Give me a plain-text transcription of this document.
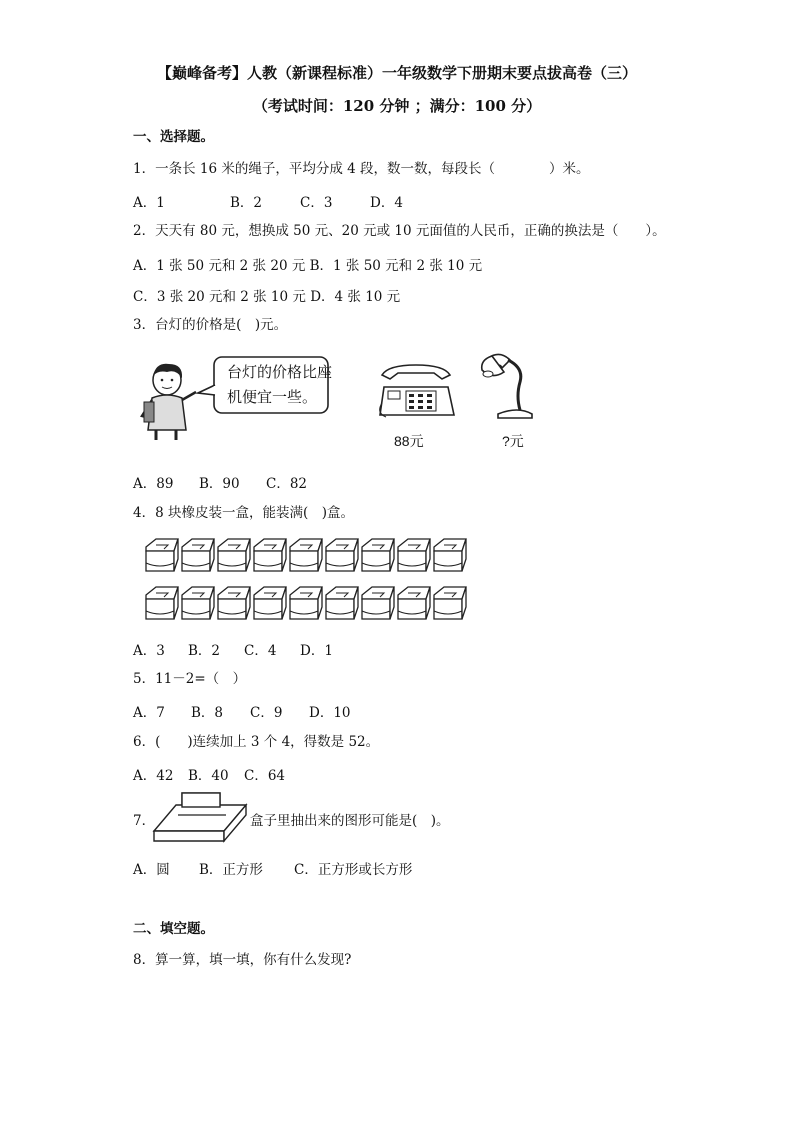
【巅峰备考】人教（新课程标准）一年级数学下册期末要点拔高卷（三）
（考试时间：120 分钟 ；满分：100 分）
一、选择题。
1．一条长 16 米的绳子，平均分成 4 段，数一数，每段长（　　　　）米。
A．1	B．2	C．3	D．4
2．天天有 80 元，想换成 50 元、20 元或 10 元面值的人民币，正确的换法是（　　）。
A．1 张 50 元和 2 张 20 元 B．1 张 50 元和 2 张 10 元
C．3 张 20 元和 2 张 10 元 D．4 张 10 元
3．台灯的价格是(　)元。
台灯的价格比座
机便宜一些。
88元	?元
A．89 B．90 C．82
4．8 块橡皮装一盒，能装满(　)盒。
A．3 B．2 C．4 D．1
5．11－2=（　）
A．7 B．8 C．9 D．10
6．(　　)连续加上 3 个 4，得数是 52。
A．42 B．40 C．64
7．	盒子里抽出来的图形可能是(　)。
A．圆 B．正方形 C．正方形或长方形
二、填空题。
8．算一算，填一填，你有什么发现?
